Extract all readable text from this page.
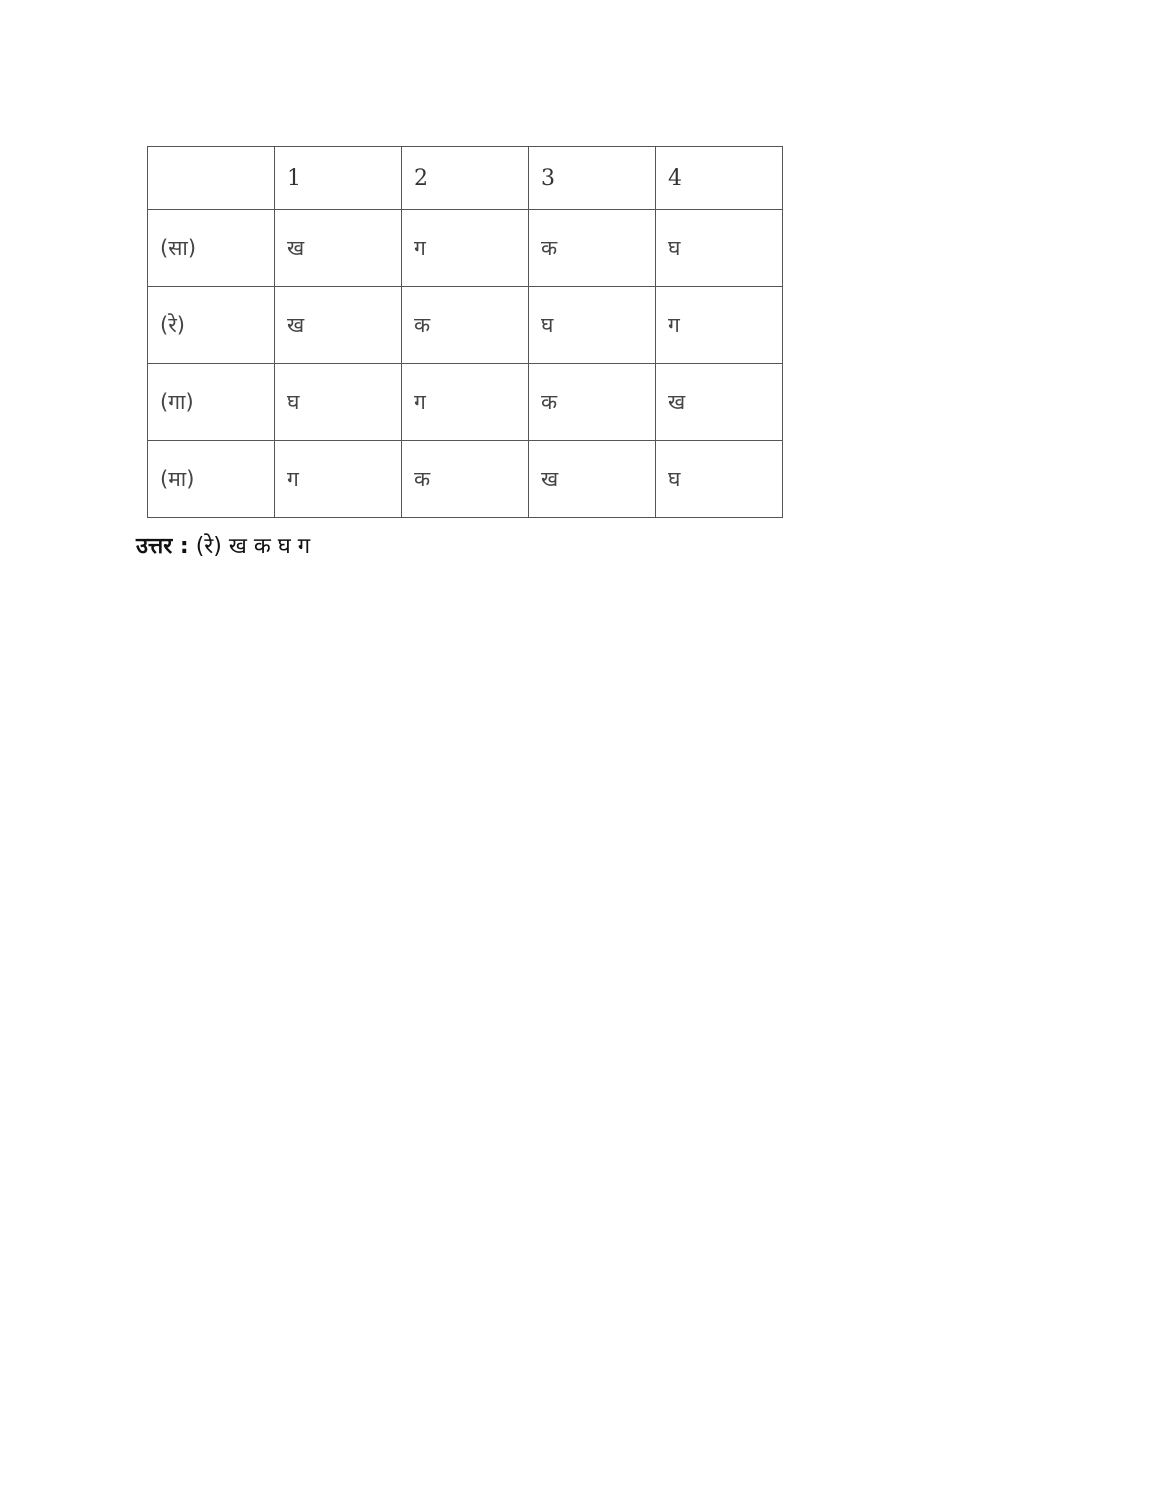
	1	2	3	4
(सा)	ख	ग	क	घ
(रे)	ख	क	घ	ग
(गा)	घ	ग	क	ख
(मा)	ग	क	ख	घ
उत्तर : (रे) ख क घ ग
